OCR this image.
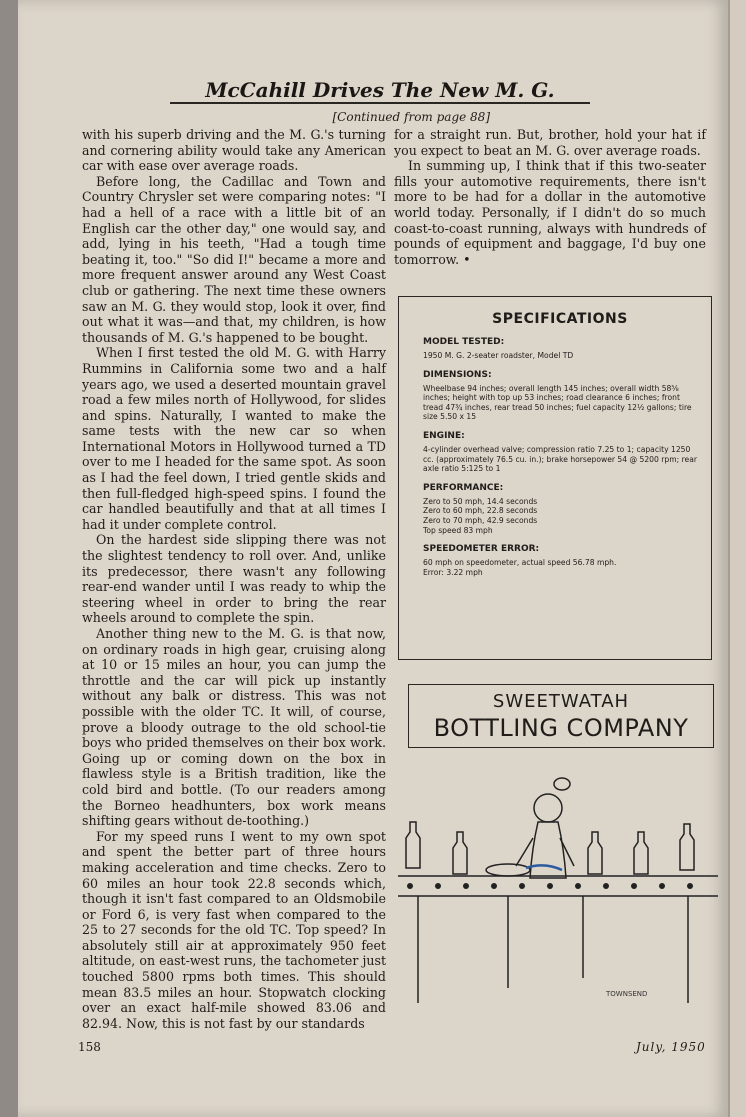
McCahill Drives The New M. G.
[Continued from page 88]

with his superb driving and the M. G.'s turning and cornering ability would take any American car with ease over average roads.

Before long, the Cadillac and Town and Country Chrysler set were comparing notes: "I had a hell of a race with a little bit of an English car the other day," one would say, and add, lying in his teeth, "Had a tough time beating it, too." "So did I!" became a more and more frequent answer around any West Coast club or gathering. The next time these owners saw an M. G. they would stop, look it over, find out what it was—and that, my children, is how thousands of M. G.'s happened to be bought.

When I first tested the old M. G. with Harry Rummins in California some two and a half years ago, we used a deserted mountain gravel road a few miles north of Hollywood, for slides and spins. Naturally, I wanted to make the same tests with the new car so when International Motors in Hollywood turned a TD over to me I headed for the same spot. As soon as I had the feel down, I tried gentle skids and then full-fledged high-speed spins. I found the car handled beautifully and that at all times I had it under complete control.

On the hardest side slipping there was not the slightest tendency to roll over. And, unlike its predecessor, there wasn't any following rear-end wander until I was ready to whip the steering wheel in order to bring the rear wheels around to complete the spin.

Another thing new to the M. G. is that now, on ordinary roads in high gear, cruising along at 10 or 15 miles an hour, you can jump the throttle and the car will pick up instantly without any balk or distress. This was not possible with the older TC. It will, of course, prove a bloody outrage to the old school-tie boys who prided themselves on their box work. Going up or coming down on the box in flawless style is a British tradition, like the cold bird and bottle. (To our readers among the Borneo headhunters, box work means shifting gears without de-toothing.)

For my speed runs I went to my own spot and spent the better part of three hours making acceleration and time checks. Zero to 60 miles an hour took 22.8 seconds which, though it isn't fast compared to an Oldsmobile or Ford 6, is very fast when compared to the 25 to 27 seconds for the old TC. Top speed? In absolutely still air at approximately 950 feet altitude, on east-west runs, the tachometer just touched 5800 rpms both times. This should mean 83.5 miles an hour. Stopwatch clocking over an exact half-mile showed 83.06 and 82.94. Now, this is not fast by our standards

for a straight run. But, brother, hold your hat if you expect to beat an M. G. over average roads.

In summing up, I think that if this two-seater fills your automotive requirements, there isn't more to be had for a dollar in the automotive world today. Personally, if I didn't do so much coast-to-coast running, always with hundreds of pounds of equipment and baggage, I'd buy one tomorrow. •

SPECIFICATIONS
MODEL TESTED:

1950 M. G. 2-seater roadster, Model TD

DIMENSIONS:

Wheelbase 94 inches; overall length 145 inches; overall width 58⅝ inches; height with top up 53 inches; road clearance 6 inches; front tread 47¾ inches, rear tread 50 inches; fuel capacity 12½ gallons; tire size 5.50 x 15

ENGINE:

4-cylinder overhead valve; compression ratio 7.25 to 1; capacity 1250 cc. (approximately 76.5 cu. in.); brake horsepower 54 @ 5200 rpm; rear axle ratio 5:125 to 1

PERFORMANCE:

Zero to 50 mph, 14.4 seconds

Zero to 60 mph, 22.8 seconds

Zero to 70 mph, 42.9 seconds

Top speed 83 mph

SPEEDOMETER ERROR:

60 mph on speedometer, actual speed 56.78 mph.

Error: 3.22 mph

SWEETWATAH
BOTTLING COMPANY
TOWNSEND
158	July, 1950
